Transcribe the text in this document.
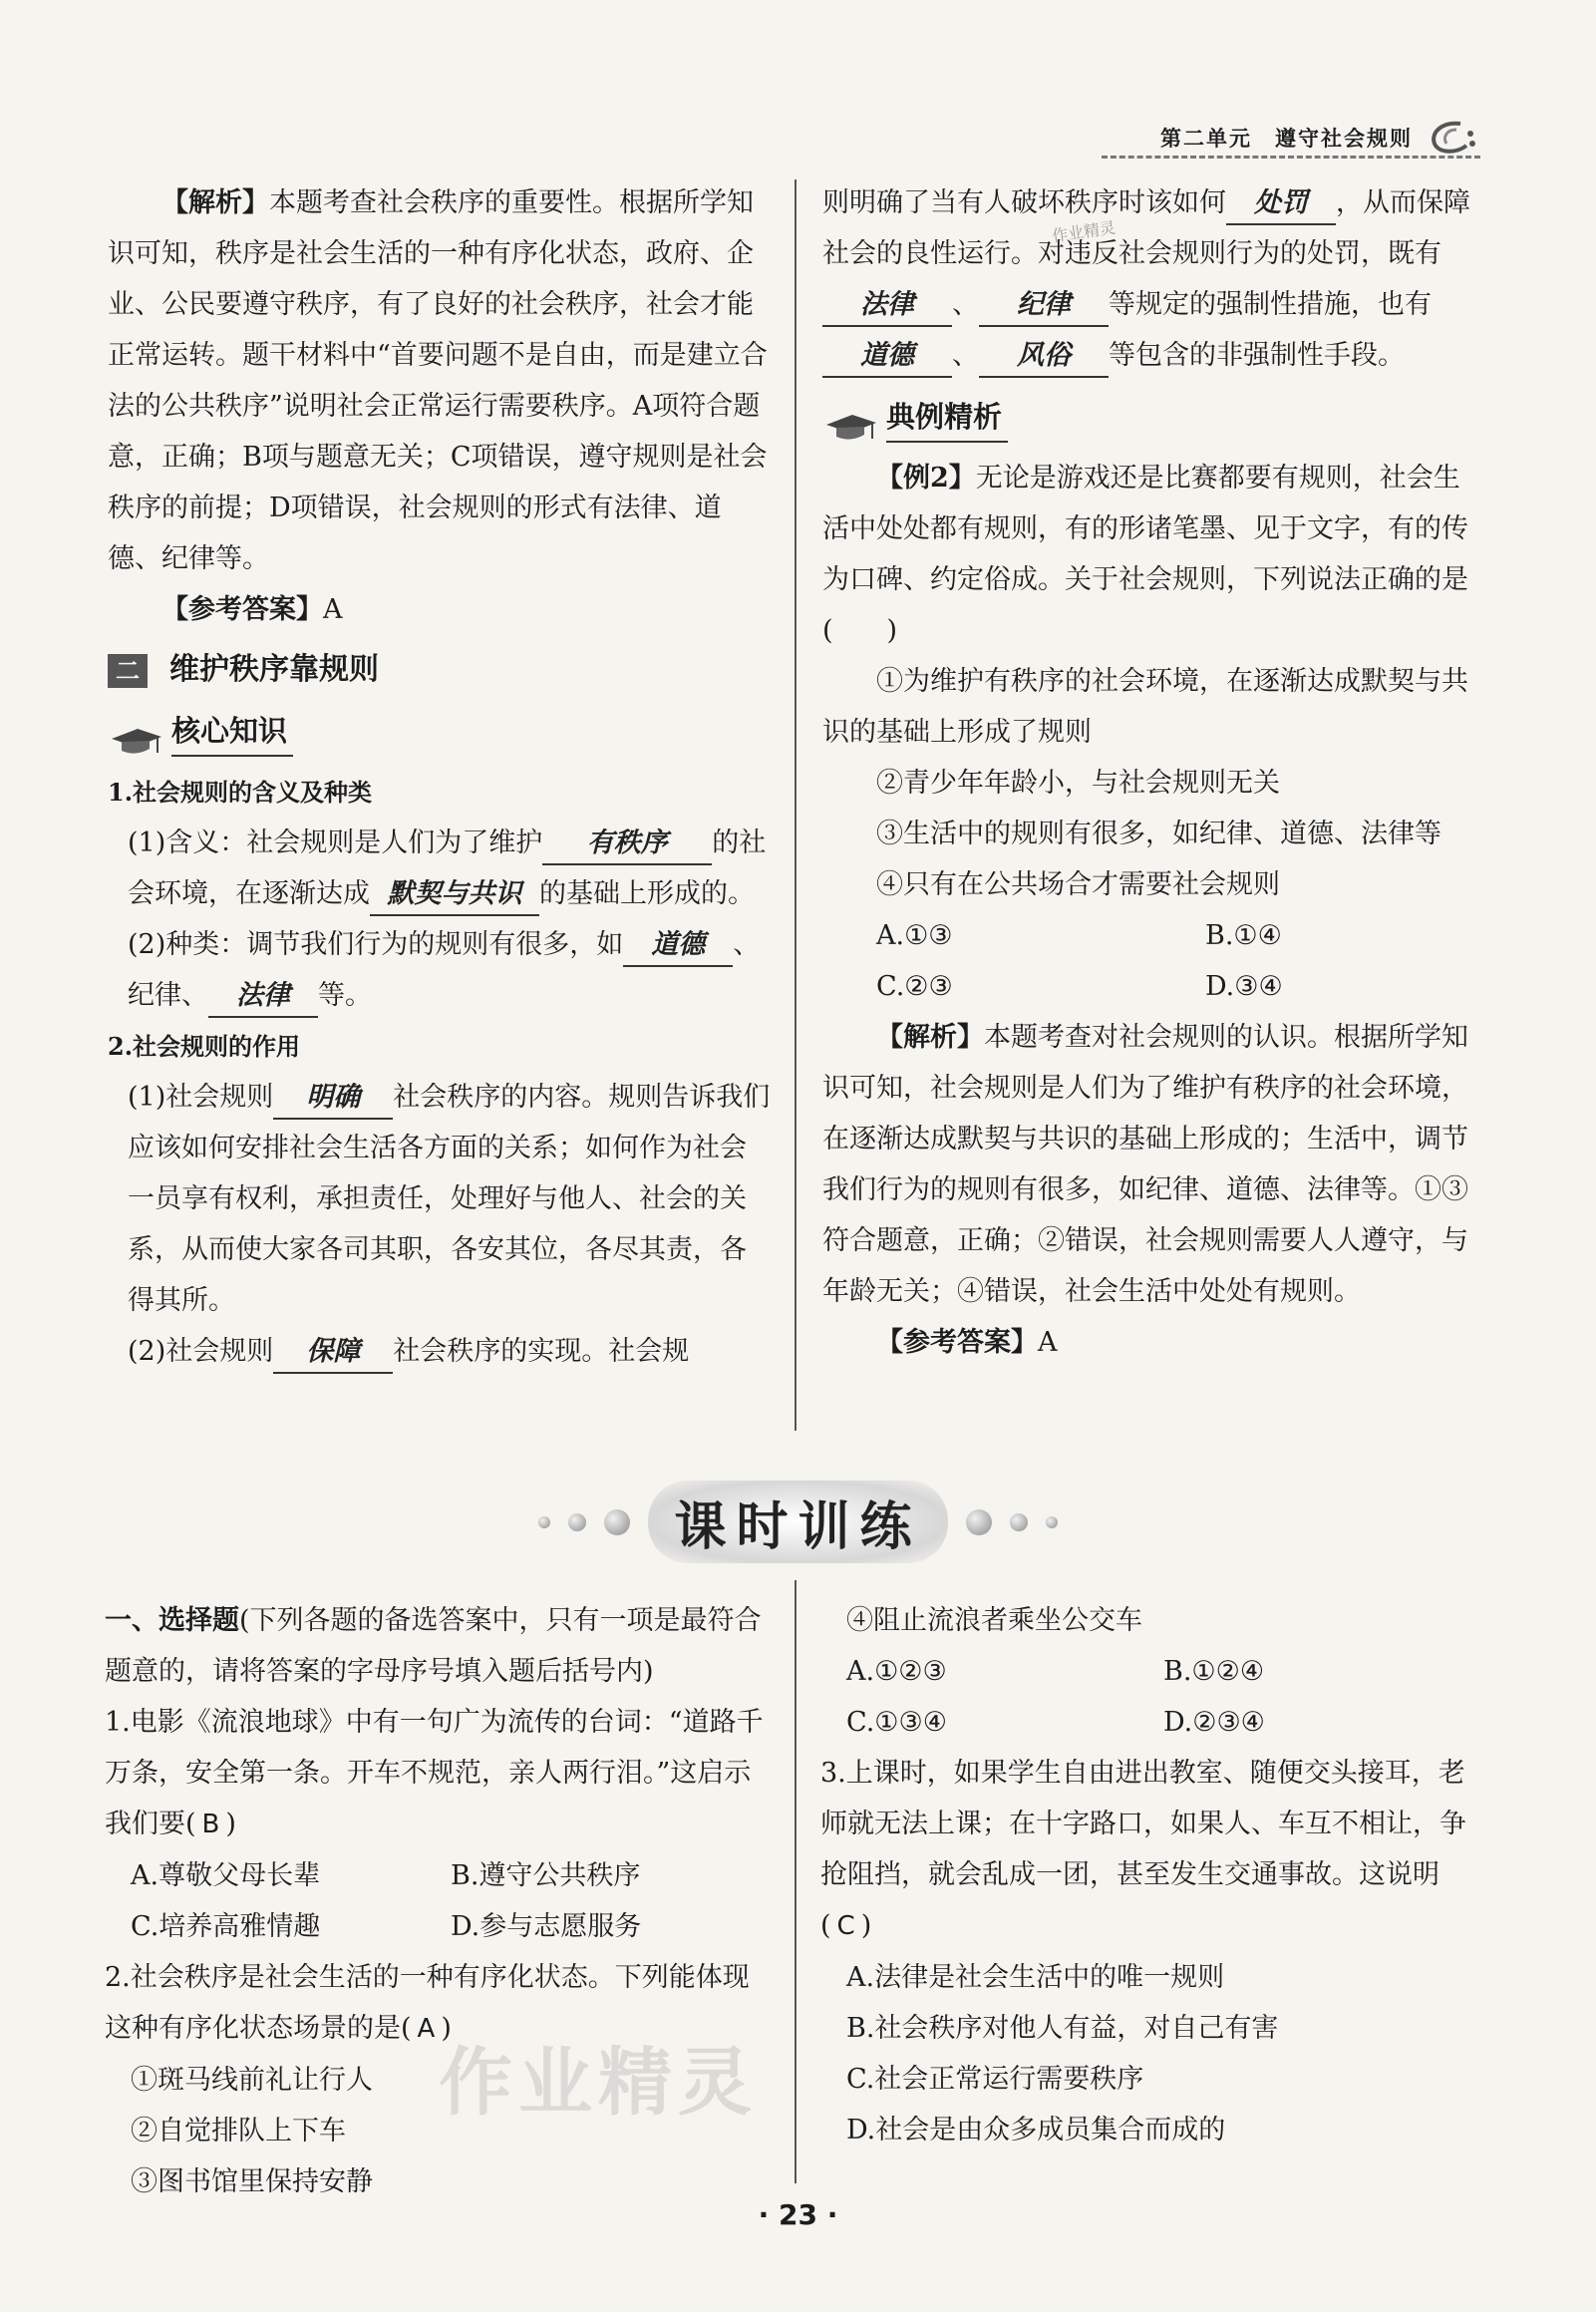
第二单元　遵守社会规则

【解析】本题考查社会秩序的重要性。根据所学知识可知，秩序是社会生活的一种有序化状态，政府、企业、公民要遵守秩序，有了良好的社会秩序，社会才能正常运转。题干材料中“首要问题不是自由，而是建立合法的公共秩序”说明社会正常运行需要秩序。A项符合题意，正确；B项与题意无关；C项错误，遵守规则是社会秩序的前提；D项错误，社会规则的形式有法律、道德、纪律等。

【参考答案】A

二 维护秩序靠规则
核心知识

1.社会规则的含义及种类

(1)含义：社会规则是人们为了维护 有秩序 的社会环境，在逐渐达成 默契与共识 的基础上形成的。

(2)种类：调节我们行为的规则有很多，如 道德 、纪律、 法律 等。

2.社会规则的作用

(1)社会规则 明确 社会秩序的内容。规则告诉我们应该如何安排社会生活各方面的关系；如何作为社会一员享有权利，承担责任，处理好与他人、社会的关系，从而使大家各司其职，各安其位，各尽其责，各得其所。

(2)社会规则 保障 社会秩序的实现。社会规

则明确了当有人破坏秩序时该如何 处罚 ，从而保障社会的良性运行。对违反社会规则行为的处罚，既有法律 、 纪律 等规定的强制性措施，也有道德 、 风俗 等包含的非强制性手段。

典例精析

【例2】无论是游戏还是比赛都要有规则，社会生活中处处都有规则，有的形诸笔墨、见于文字，有的传为口碑、约定俗成。关于社会规则，下列说法正确的是(　　)

①为维护有秩序的社会环境，在逐渐达成默契与共识的基础上形成了规则

②青少年年龄小，与社会规则无关

③生活中的规则有很多，如纪律、道德、法律等

④只有在公共场合才需要社会规则

A.①③	B.①④

C.②③	D.③④

【解析】本题考查对社会规则的认识。根据所学知识可知，社会规则是人们为了维护有秩序的社会环境，在逐渐达成默契与共识的基础上形成的；生活中，调节我们行为的规则有很多，如纪律、道德、法律等。①③符合题意，正确；②错误，社会规则需要人人遵守，与年龄无关；④错误，社会生活中处处有规则。

【参考答案】A

作业精灵
课时训练

一、选择题(下列各题的备选答案中，只有一项是最符合题意的，请将答案的字母序号填入题后括号内)

1.电影《流浪地球》中有一句广为流传的台词：“道路千万条，安全第一条。开车不规范，亲人两行泪。”这启示我们要( B )

A.尊敬父母长辈	B.遵守公共秩序

C.培养高雅情趣	D.参与志愿服务

2.社会秩序是社会生活的一种有序化状态。下列能体现这种有序化状态场景的是( A )

①斑马线前礼让行人

②自觉排队上下车

③图书馆里保持安静

作业精灵

④阻止流浪者乘坐公交车

A.①②③	B.①②④

C.①③④	D.②③④

3.上课时，如果学生自由进出教室、随便交头接耳，老师就无法上课；在十字路口，如果人、车互不相让，争抢阻挡，就会乱成一团，甚至发生交通事故。这说明( C )

A.法律是社会生活中的唯一规则

B.社会秩序对他人有益，对自己有害

C.社会正常运行需要秩序

D.社会是由众多成员集合而成的

· 23 ·
